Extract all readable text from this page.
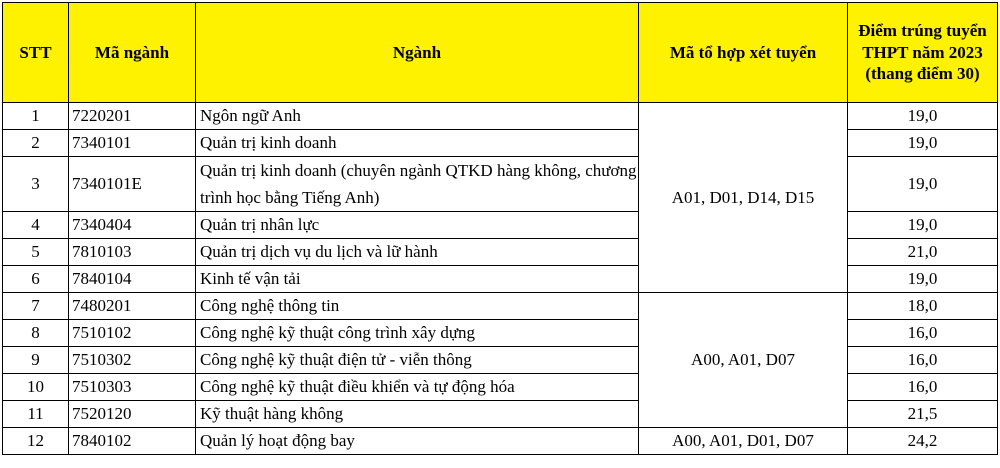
STT	Mã ngành	Ngành	Mã tổ hợp xét tuyển	Điểm trúng tuyển THPT năm 2023 (thang điểm 30)
1	7220201	Ngôn ngữ Anh	A01, D01, D14, D15	19,0
2	7340101	Quản trị kinh doanh		19,0
3	7340101E	Quản trị kinh doanh (chuyên ngành QTKD hàng không, chương trình học bằng Tiếng Anh)		19,0
4	7340404	Quản trị nhân lực		19,0
5	7810103	Quản trị dịch vụ du lịch và lữ hành		21,0
6	7840104	Kinh tế vận tải		19,0
7	7480201	Công nghệ thông tin	A00, A01, D07	18,0
8	7510102	Công nghệ kỹ thuật công trình xây dựng		16,0
9	7510302	Công nghệ kỹ thuật điện tử - viễn thông		16,0
10	7510303	Công nghệ kỹ thuật điều khiển và tự động hóa		16,0
11	7520120	Kỹ thuật hàng không		21,5
12	7840102	Quản lý hoạt động bay	A00, A01, D01, D07	24,2
